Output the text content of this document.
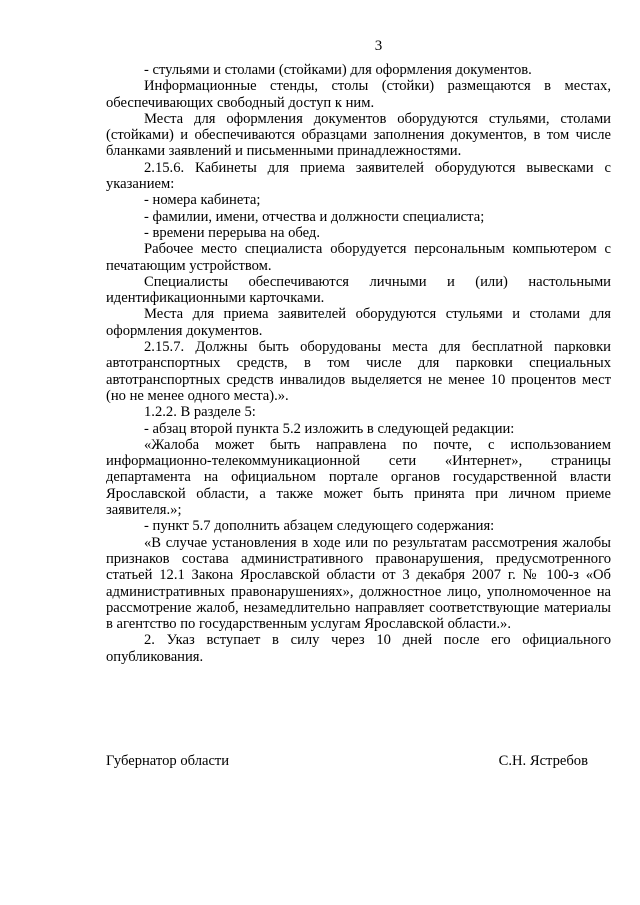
3

- стульями и столами (стойками) для оформления документов.

Информационные стенды, столы (стойки) размещаются в местах, обеспечивающих свободный доступ к ним.

Места для оформления документов оборудуются стульями, столами (стойками) и обеспечиваются образцами заполнения документов, в том числе бланками заявлений и письменными принадлежностями.

2.15.6. Кабинеты для приема заявителей оборудуются вывесками с указанием:

- номера кабинета;

- фамилии, имени, отчества и должности специалиста;

- времени перерыва на обед.

Рабочее место специалиста оборудуется персональным компьютером с печатающим устройством.

Специалисты обеспечиваются личными и (или) настольными идентификационными карточками.

Места для приема заявителей оборудуются стульями и столами для оформления документов.

2.15.7. Должны быть оборудованы места для бесплатной парковки автотранспортных средств, в том числе для парковки специальных автотранспортных средств инвалидов выделяется не менее 10 процентов мест (но не менее одного места).».

1.2.2. В разделе 5:

- абзац второй пункта 5.2 изложить в следующей редакции:

«Жалоба может быть направлена по почте, с использованием информационно-телекоммуникационной сети «Интернет», страницы департамента на официальном портале органов государственной власти Ярославской области, а также может быть принята при личном приеме заявителя.»;

- пункт 5.7 дополнить абзацем следующего содержания:

«В случае установления в ходе или по результатам рассмотрения жалобы признаков состава административного правонарушения, предусмотренного статьей 12.1 Закона Ярославской области от 3 декабря 2007 г. № 100-з «Об административных правонарушениях», должностное лицо, уполномоченное на рассмотрение жалоб, незамедлительно направляет соответствующие материалы в агентство по государственным услугам Ярославской области.».

2. Указ вступает в силу через 10 дней после его официального опубликования.

Губернатор области	С.Н. Ястребов
